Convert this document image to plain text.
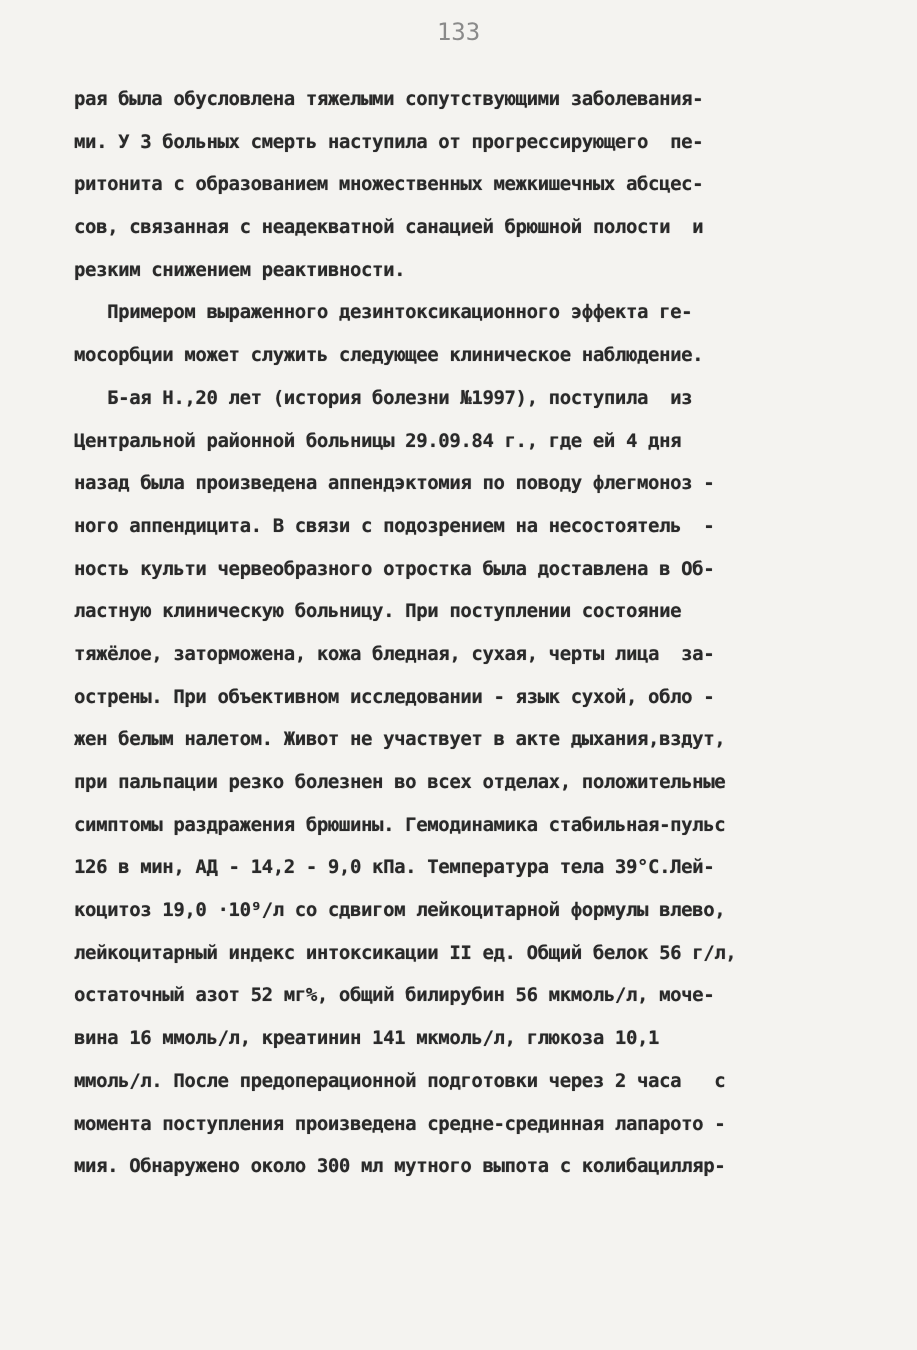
133
рая была обусловлена тяжелыми сопутствующими заболевания-
ми. У 3 больных смерть наступила от прогрессирующего  пе-
ритонита с образованием множественных межкишечных абсцес-
сов, связанная с неадекватной санацией брюшной полости  и
резким снижением реактивности.
Примером выраженного дезинтоксикационного эффекта ге-
мосорбции может служить следующее клиническое наблюдение.
Б-ая Н.,20 лет (история болезни №1997), поступила  из
Центральной районной больницы 29.09.84 г., где ей 4 дня
назад была произведена аппендэктомия по поводу флегмоноз -
ного аппендицита. В связи с подозрением на несостоятель  -
ность культи червеобразного отростка была доставлена в Об-
ластную клиническую больницу. При поступлении состояние
тяжёлое, заторможена, кожа бледная, сухая, черты лица  за-
острены. При объективном исследовании - язык сухой, обло -
жен белым налетом. Живот не участвует в акте дыхания,вздут,
при пальпации резко болезнен во всех отделах, положительные
симптомы раздражения брюшины. Гемодинамика стабильная-пульс
126 в мин, АД - 14,2 - 9,0 кПа. Температура тела 39°С.Лей-
коцитоз 19,0 ·10⁹/л со сдвигом лейкоцитарной формулы влево,
лейкоцитарный индекс интоксикации II ед. Общий белок 56 г/л,
остаточный азот 52 мг%, общий билирубин 56 мкмоль/л, моче-
вина 16 ммоль/л, креатинин 141 мкмоль/л, глюкоза 10,1
ммоль/л. После предоперационной подготовки через 2 часа   с
момента поступления произведена средне-срединная лапарото -
мия. Обнаружено около 300 мл мутного выпота с колибацилляр-
